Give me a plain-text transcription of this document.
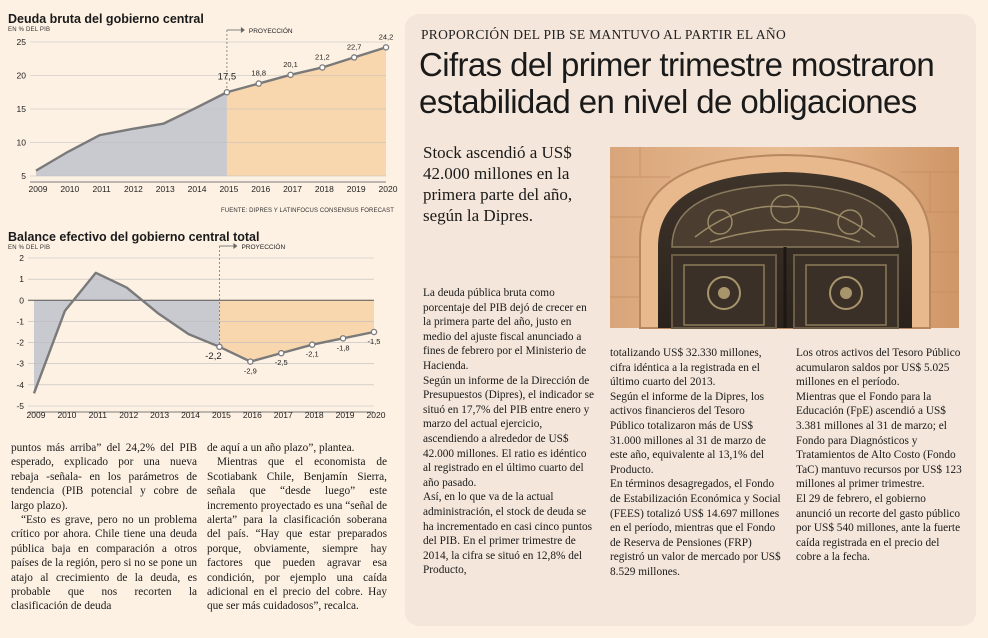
Deuda bruta del gobierno central
EN % DEL PIB
5
10
15
20
25
2009 2010 2011 2012 2013 2014 2015 2016 2017 2018 2019 2020
PROYECCIÓN
17,5 18,8
20,1
21,2
22,7
24,2
FUENTE: DIPRES Y LATINFOCUS CONSENSUS FORECAST
Balance efectivo del gobierno central total
EN % DEL PIB
2
1
0
-1
-2
-3
-4
-5
2009 2010 2011 2012 2013 2014 2015 2016 2017 2018 2019 2020
PROYECCIÓN
-2,2
-2,9
-2,5
-2,1
-1,8
-1,5

puntos más arriba” del 24,2% del PIB esperado, explicado por una nueva rebaja -señala- en los parámetros de tendencia (PIB potencial y cobre de largo plazo).

“Esto es grave, pero no un problema crítico por ahora. Chile tiene una deuda pública baja en comparación a otros países de la región, pero si no se pone un atajo al crecimiento de la deuda, es probable que nos recorten la clasificación de deuda

de aquí a un año plazo”, plantea.

Mientras que el economista de Scotiabank Chile, Benjamín Sierra, señala que “desde luego” este incremento proyectado es una “señal de alerta” para la clasificación soberana del país. “Hay que estar preparados porque, obviamente, siempre hay factores que pueden agravar esa condición, por ejemplo una caída adicional en el precio del cobre. Hay que ser más cuidadosos”, recalca.

PROPORCIÓN DEL PIB SE MANTUVO AL PARTIR EL AÑO
Cifras del primer trimestre mostraron estabilidad en nivel de obligaciones
Stock ascendió a US$ 42.000 millones en la primera parte del año, según la Dipres.

La deuda pública bruta como porcentaje del PIB dejó de crecer en la primera parte del año, justo en medio del ajuste fiscal anunciado a fines de febrero por el Ministerio de Hacienda.

Según un informe de la Dirección de Presupuestos (Dipres), el indicador se situó en 17,7% del PIB entre enero y marzo del actual ejercicio, ascendiendo a alrededor de US$ 42.000 millones. El ratio es idéntico al registrado en el último cuarto del año pasado.

Así, en lo que va de la actual administración, el stock de deuda se ha incrementado en casi cinco puntos del PIB. En el primer trimestre de 2014, la cifra se situó en 12,8% del Producto,

totalizando US$ 32.330 millones, cifra idéntica a la registrada en el último cuarto del 2013.

Según el informe de la Dipres, los activos financieros del Tesoro Público totalizaron más de US$ 31.000 millones al 31 de marzo de este año, equivalente al 13,1% del Producto.

En términos desagregados, el Fondo de Estabilización Económica y Social (FEES) totalizó US$ 14.697 millones en el período, mientras que el Fondo de Reserva de Pensiones (FRP) registró un valor de mercado por US$ 8.529 millones.

Los otros activos del Tesoro Público acumularon saldos por US$ 5.025 millones en el período.

Mientras que el Fondo para la Educación (FpE) ascendió a US$ 3.381 millones al 31 de marzo; el Fondo para Diagnósticos y Tratamientos de Alto Costo (Fondo TaC) mantuvo recursos por US$ 123 millones al primer trimestre.

El 29 de febrero, el gobierno anunció un recorte del gasto público por US$ 540 millones, ante la fuerte caída registrada en el precio del cobre a la fecha.
